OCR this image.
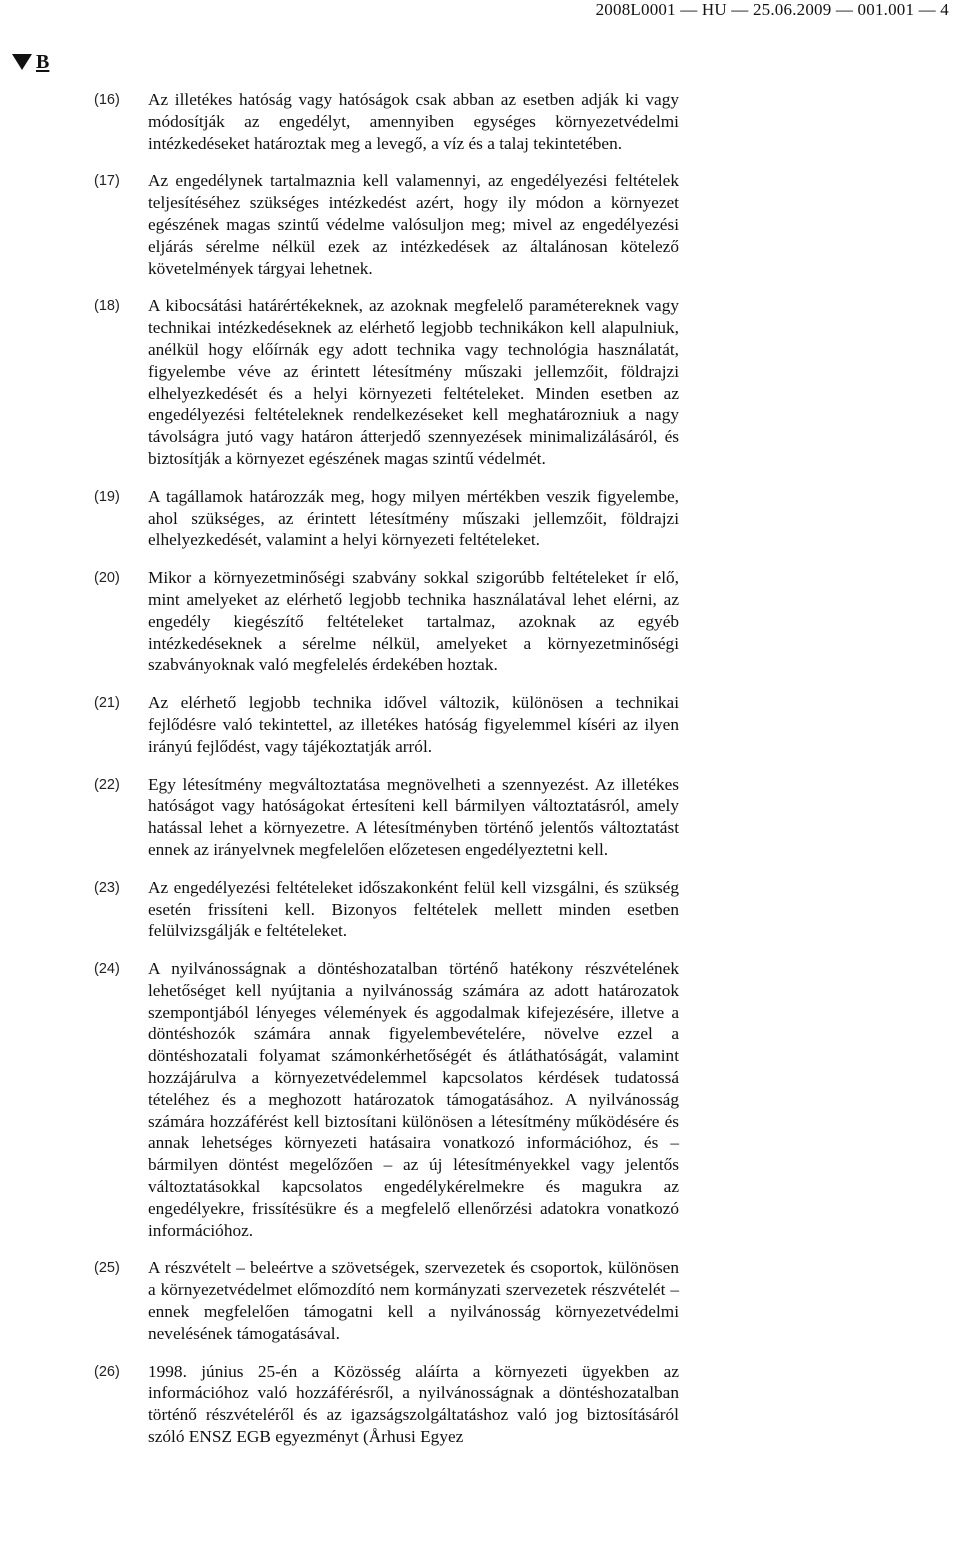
2008L0001 — HU — 25.06.2009 — 001.001 — 4
B
(16) Az illetékes hatóság vagy hatóságok csak abban az esetben adják ki vagy módosítják az engedélyt, amennyiben egységes környezetvédelmi intézkedéseket határoztak meg a levegő, a víz és a talaj tekintetében.
(17) Az engedélynek tartalmaznia kell valamennyi, az engedélyezési feltételek teljesítéséhez szükséges intézkedést azért, hogy ily módon a környezet egészének magas szintű védelme valósuljon meg; mivel az engedélyezési eljárás sérelme nélkül ezek az intézkedések az általánosan kötelező követelmények tárgyai lehetnek.
(18) A kibocsátási határértékeknek, az azoknak megfelelő paramétereknek vagy technikai intézkedéseknek az elérhető legjobb technikákon kell alapulniuk, anélkül hogy előírnák egy adott technika vagy technológia használatát, figyelembe véve az érintett létesítmény műszaki jellemzőit, földrajzi elhelyezkedését és a helyi környezeti feltételeket. Minden esetben az engedélyezési feltételeknek rendelkezéseket kell meghatározniuk a nagy távolságra jutó vagy határon átterjedő szennyezések minimalizálásáról, és biztosítják a környezet egészének magas szintű védelmét.
(19) A tagállamok határozzák meg, hogy milyen mértékben veszik figyelembe, ahol szükséges, az érintett létesítmény műszaki jellemzőit, földrajzi elhelyezkedését, valamint a helyi környezeti feltételeket.
(20) Mikor a környezetminőségi szabvány sokkal szigorúbb feltételeket ír elő, mint amelyeket az elérhető legjobb technika használatával lehet elérni, az engedély kiegészítő feltételeket tartalmaz, azoknak az egyéb intézkedéseknek a sérelme nélkül, amelyeket a környezetminőségi szabványoknak való megfelelés érdekében hoztak.
(21) Az elérhető legjobb technika idővel változik, különösen a technikai fejlődésre való tekintettel, az illetékes hatóság figyelemmel kíséri az ilyen irányú fejlődést, vagy tájékoztatják arról.
(22) Egy létesítmény megváltoztatása megnövelheti a szennyezést. Az illetékes hatóságot vagy hatóságokat értesíteni kell bármilyen változtatásról, amely hatással lehet a környezetre. A létesítményben történő jelentős változtatást ennek az irányelvnek megfelelően előzetesen engedélyeztetni kell.
(23) Az engedélyezési feltételeket időszakonként felül kell vizsgálni, és szükség esetén frissíteni kell. Bizonyos feltételek mellett minden esetben felülvizsgálják e feltételeket.
(24) A nyilvánosságnak a döntéshozatalban történő hatékony részvételének lehetőséget kell nyújtania a nyilvánosság számára az adott határozatok szempontjából lényeges vélemények és aggodalmak kifejezésére, illetve a döntéshozók számára annak figyelembevételére, növelve ezzel a döntéshozatali folyamat számonkérhetőségét és átláthatóságát, valamint hozzájárulva a környezetvédelemmel kapcsolatos kérdések tudatossá tételéhez és a meghozott határozatok támogatásához. A nyilvánosság számára hozzáférést kell biztosítani különösen a létesítmény működésére és annak lehetséges környezeti hatásaira vonatkozó információhoz, és – bármilyen döntést megelőzően – az új létesítményekkel vagy jelentős változtatásokkal kapcsolatos engedélykérelmekre és magukra az engedélyekre, frissítésükre és a megfelelő ellenőrzési adatokra vonatkozó információhoz.
(25) A részvételt – beleértve a szövetségek, szervezetek és csoportok, különösen a környezetvédelmet előmozdító nem kormányzati szervezetek részvételét – ennek megfelelően támogatni kell a nyilvánosság környezetvédelmi nevelésének támogatásával.
(26) 1998. június 25-én a Közösség aláírta a környezeti ügyekben az információhoz való hozzáférésről, a nyilvánosságnak a döntéshozatalban történő részvételéről és az igazságszolgáltatáshoz való jog biztosításáról szóló ENSZ EGB egyezményt (Århusi Egyez
